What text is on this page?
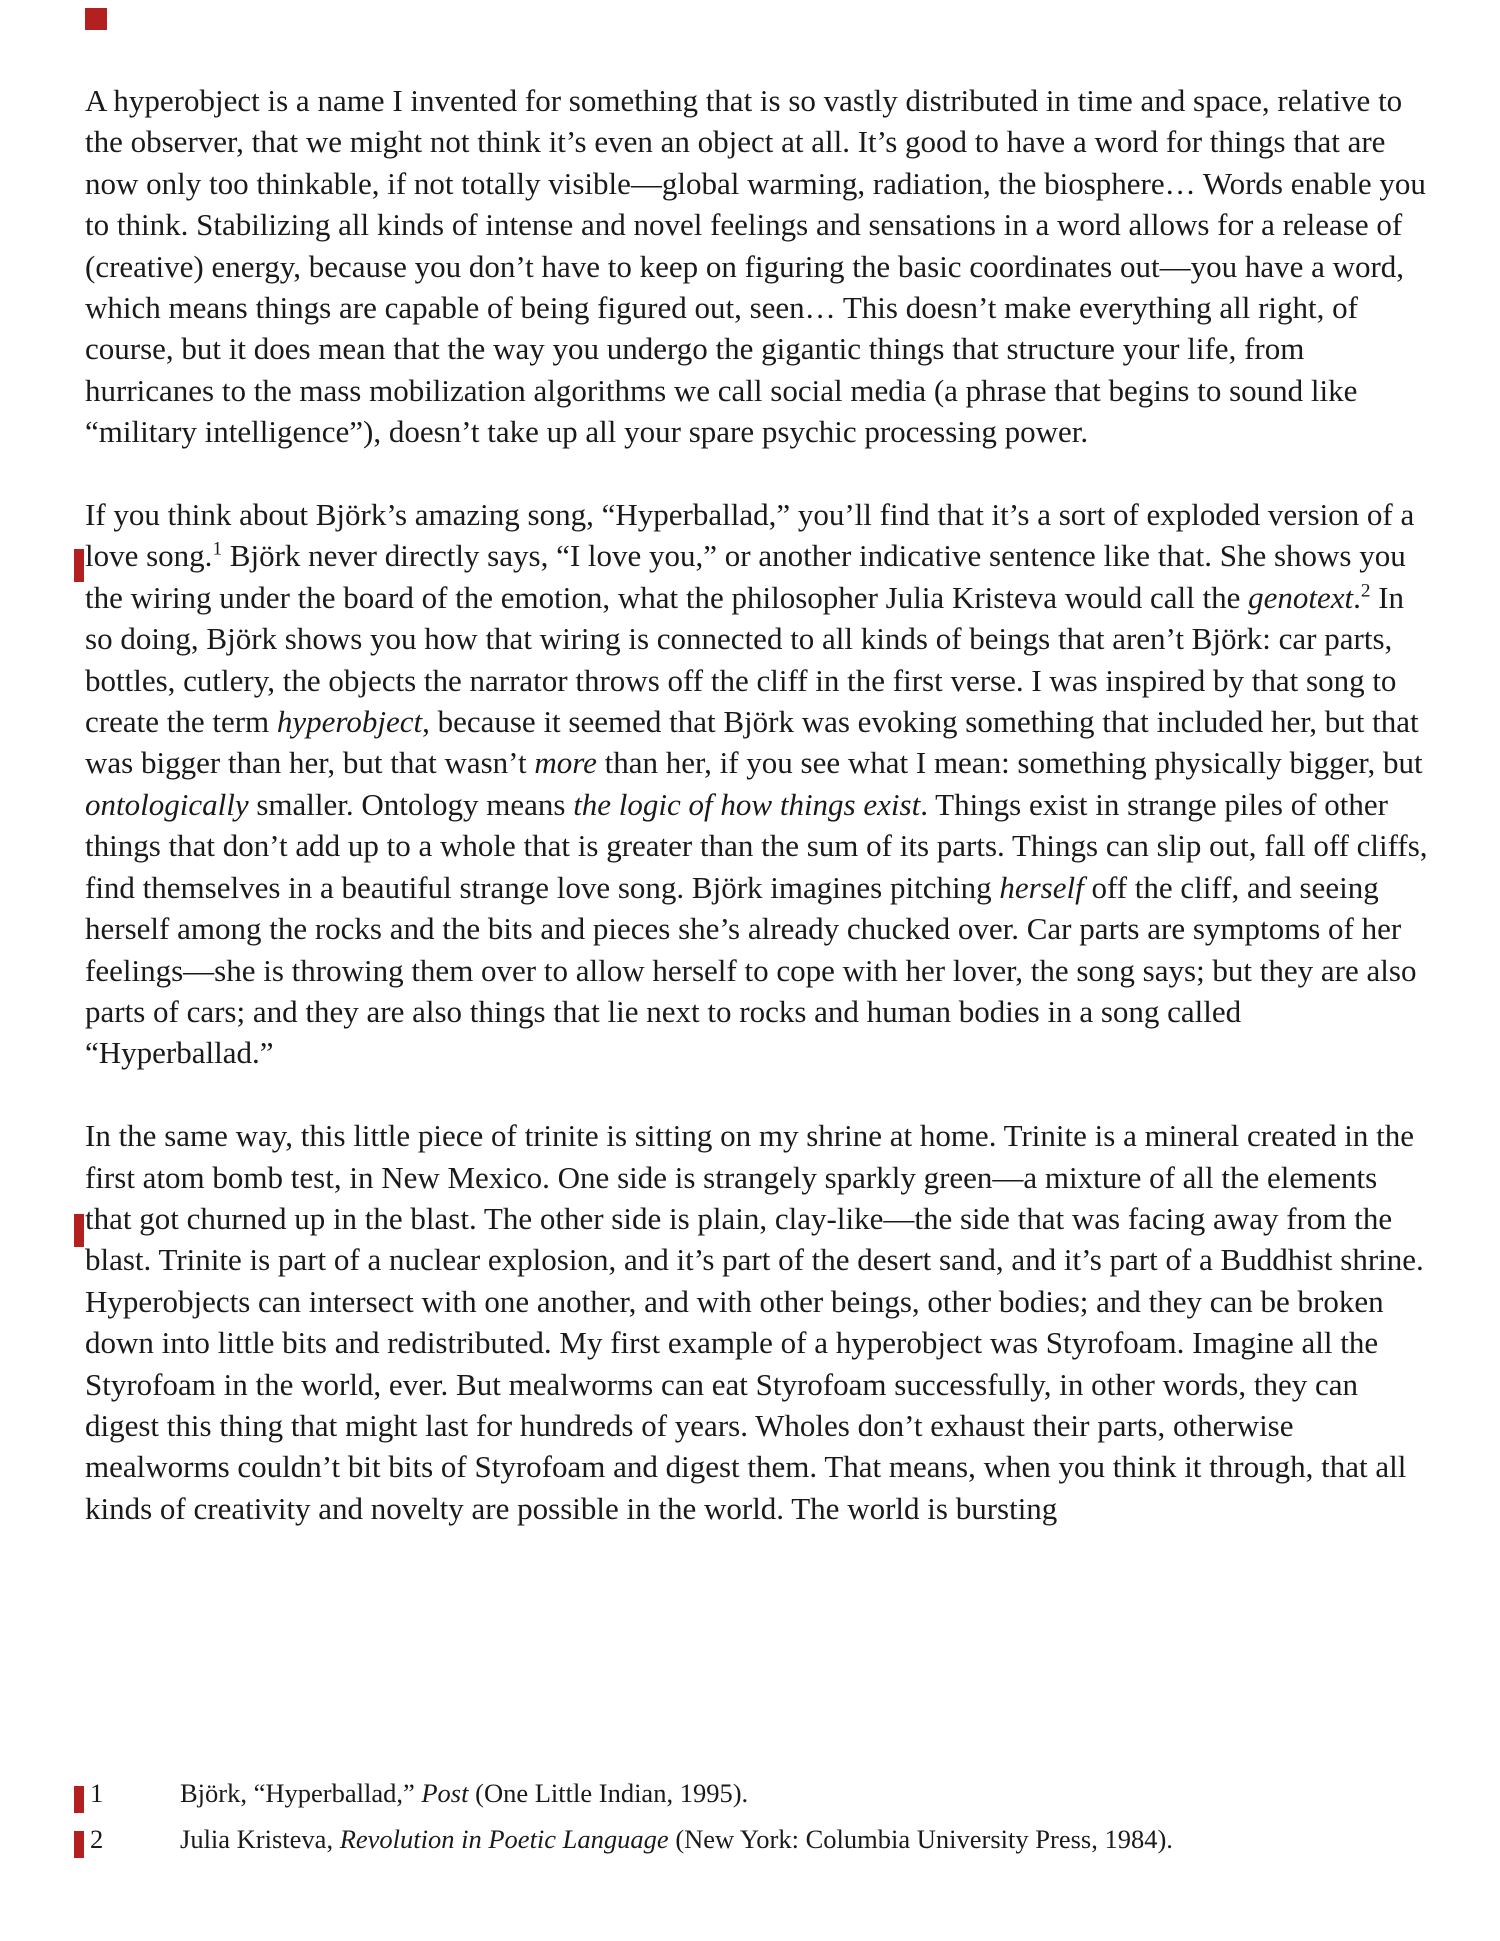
A hyperobject is a name I invented for something that is so vastly distributed in time and space, relative to the observer, that we might not think it’s even an object at all. It’s good to have a word for things that are now only too thinkable, if not totally visible—global warming, radiation, the biosphere… Words enable you to think. Stabilizing all kinds of intense and novel feelings and sensations in a word allows for a release of (creative) energy, because you don’t have to keep on figuring the basic coordinates out—you have a word, which means things are capable of being figured out, seen… This doesn’t make everything all right, of course, but it does mean that the way you undergo the gigantic things that structure your life, from hurricanes to the mass mobilization algorithms we call social media (a phrase that begins to sound like “military intelligence”), doesn’t take up all your spare psychic processing power.

If you think about Björk’s amazing song, “Hyperballad,” you’ll find that it’s a sort of exploded version of a love song.$^1$ Björk never directly says, “I love you,” or another indicative sentence like that. She shows you the wiring under the board of the emotion, what the philosopher Julia Kristeva would call the genotext.$^2$ In so doing, Björk shows you how that wiring is connected to all kinds of beings that aren’t Björk: car parts, bottles, cutlery, the objects the narrator throws off the cliff in the first verse. I was inspired by that song to create the term hyperobject, because it seemed that Björk was evoking something that included her, but that was bigger than her, but that wasn’t more than her, if you see what I mean: something physically bigger, but ontologically smaller. Ontology means the logic of how things exist. Things exist in strange piles of other things that don’t add up to a whole that is greater than the sum of its parts. Things can slip out, fall off cliffs, find themselves in a beautiful strange love song. Björk imagines pitching herself off the cliff, and seeing herself among the rocks and the bits and pieces she’s already chucked over. Car parts are symptoms of her feelings—she is throwing them over to allow herself to cope with her lover, the song says; but they are also parts of cars; and they are also things that lie next to rocks and human bodies in a song called “Hyperballad.”

In the same way, this little piece of trinite is sitting on my shrine at home. Trinite is a mineral created in the first atom bomb test, in New Mexico. One side is strangely sparkly green—a mixture of all the elements that got churned up in the blast. The other side is plain, clay-like—the side that was facing away from the blast. Trinite is part of a nuclear explosion, and it’s part of the desert sand, and it’s part of a Buddhist shrine. Hyperobjects can intersect with one another, and with other beings, other bodies; and they can be broken down into little bits and redistributed. My first example of a hyperobject was Styrofoam. Imagine all the Styrofoam in the world, ever. But mealworms can eat Styrofoam successfully, in other words, they can digest this thing that might last for hundreds of years. Wholes don’t exhaust their parts, otherwise mealworms couldn’t bit bits of Styrofoam and digest them. That means, when you think it through, that all kinds of creativity and novelty are possible in the world. The world is bursting

1	Björk, “Hyperballad,” Post (One Little Indian, 1995).
2	Julia Kristeva, Revolution in Poetic Language (New York: Columbia University Press, 1984).
